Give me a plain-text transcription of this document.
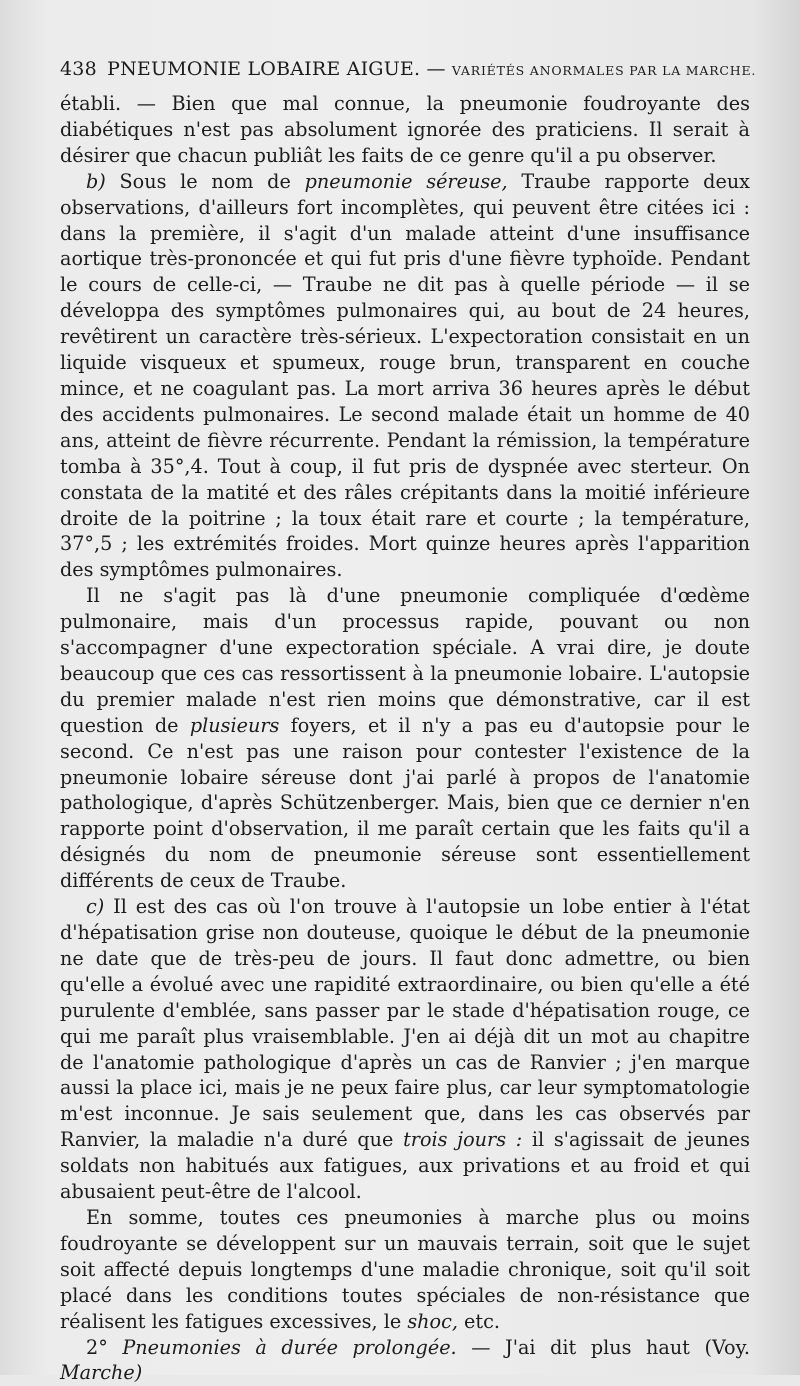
438 PNEUMONIE LOBAIRE AIGUE. — VARIÉTÉS ANORMALES PAR LA MARCHE.

établi. — Bien que mal connue, la pneumonie foudroyante des diabétiques n'est pas absolument ignorée des praticiens. Il serait à désirer que chacun publiât les faits de ce genre qu'il a pu observer.

b) Sous le nom de pneumonie séreuse, Traube rapporte deux observations, d'ailleurs fort incomplètes, qui peuvent être citées ici : dans la première, il s'agit d'un malade atteint d'une insuffisance aortique très-prononcée et qui fut pris d'une fièvre typhoïde. Pendant le cours de celle-ci, — Traube ne dit pas à quelle période — il se développa des symptômes pulmonaires qui, au bout de 24 heures, revêtirent un caractère très-sérieux. L'expectoration consistait en un liquide visqueux et spumeux, rouge brun, transparent en couche mince, et ne coagulant pas. La mort arriva 36 heures après le début des accidents pulmonaires. Le second malade était un homme de 40 ans, atteint de fièvre récurrente. Pendant la rémission, la température tomba à 35°,4. Tout à coup, il fut pris de dyspnée avec sterteur. On constata de la matité et des râles crépitants dans la moitié inférieure droite de la poitrine ; la toux était rare et courte ; la température, 37°,5 ; les extrémités froides. Mort quinze heures après l'apparition des symptômes pulmonaires.

Il ne s'agit pas là d'une pneumonie compliquée d'œdème pulmonaire, mais d'un processus rapide, pouvant ou non s'accompagner d'une expectoration spéciale. A vrai dire, je doute beaucoup que ces cas ressortissent à la pneumonie lobaire. L'autopsie du premier malade n'est rien moins que démonstrative, car il est question de plusieurs foyers, et il n'y a pas eu d'autopsie pour le second. Ce n'est pas une raison pour contester l'existence de la pneumonie lobaire séreuse dont j'ai parlé à propos de l'anatomie pathologique, d'après Schützenberger. Mais, bien que ce dernier n'en rapporte point d'observation, il me paraît certain que les faits qu'il a désignés du nom de pneumonie séreuse sont essentiellement différents de ceux de Traube.

c) Il est des cas où l'on trouve à l'autopsie un lobe entier à l'état d'hépatisation grise non douteuse, quoique le début de la pneumonie ne date que de très-peu de jours. Il faut donc admettre, ou bien qu'elle a évolué avec une rapidité extraordinaire, ou bien qu'elle a été purulente d'emblée, sans passer par le stade d'hépatisation rouge, ce qui me paraît plus vraisemblable. J'en ai déjà dit un mot au chapitre de l'anatomie pathologique d'après un cas de Ranvier ; j'en marque aussi la place ici, mais je ne peux faire plus, car leur symptomatologie m'est inconnue. Je sais seulement que, dans les cas observés par Ranvier, la maladie n'a duré que trois jours : il s'agissait de jeunes soldats non habitués aux fatigues, aux privations et au froid et qui abusaient peut-être de l'alcool.

En somme, toutes ces pneumonies à marche plus ou moins foudroyante se développent sur un mauvais terrain, soit que le sujet soit affecté depuis longtemps d'une maladie chronique, soit qu'il soit placé dans les conditions toutes spéciales de non-résistance que réalisent les fatigues excessives, le shoc, etc.

2° Pneumonies à durée prolongée. — J'ai dit plus haut (Voy. Marche)
